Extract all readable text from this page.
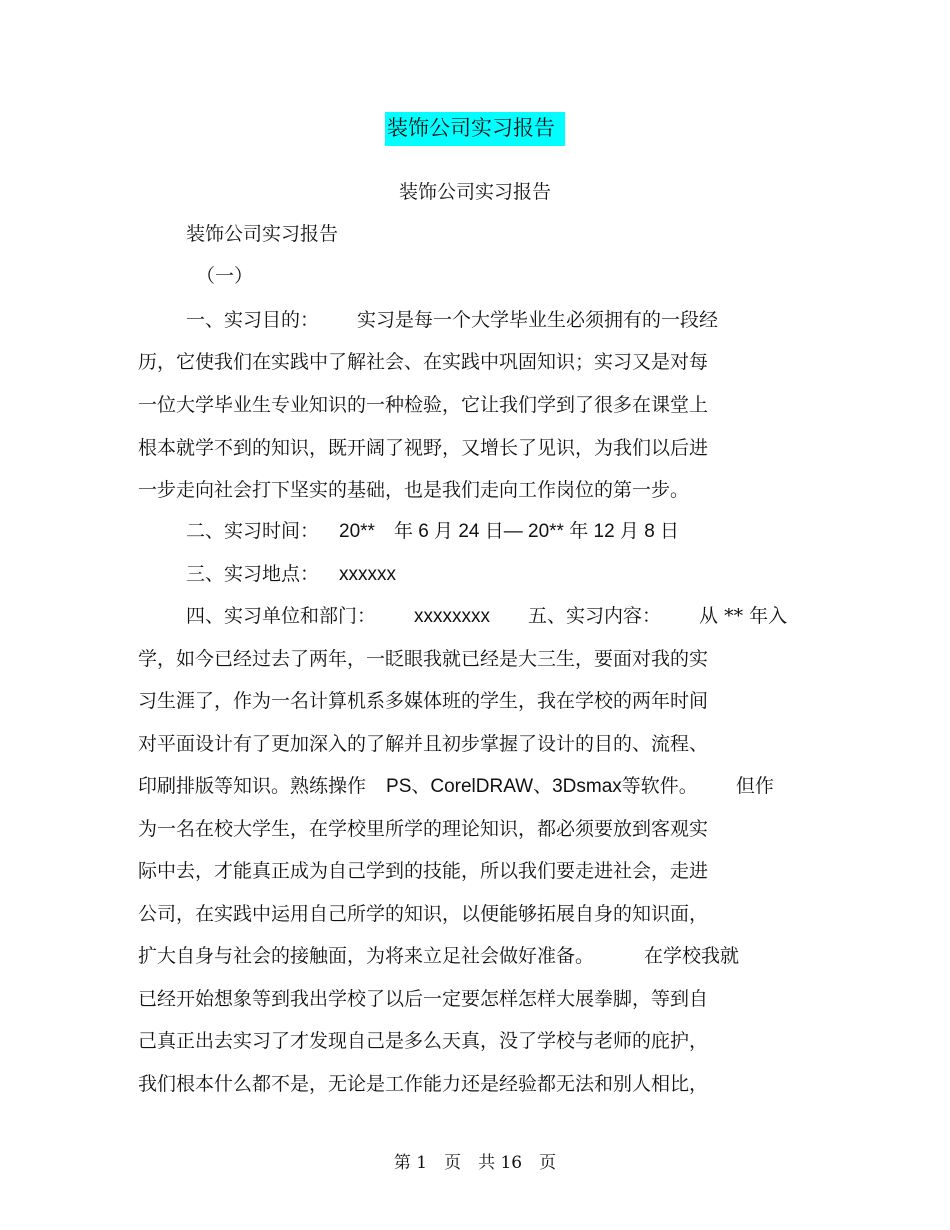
装饰公司实习报告
装饰公司实习报告
装饰公司实习报告
（一）
一、实习目的： 实习是每一个大学毕业生必须拥有的一段经
历，它使我们在实践中了解社会、在实践中巩固知识；实习又是对每
一位大学毕业生专业知识的一种检验，它让我们学到了很多在课堂上
根本就学不到的知识，既开阔了视野，又增长了见识，为我们以后进
一步走向社会打下坚实的基础，也是我们走向工作岗位的第一步。
二、实习时间： 20**　年 6 月 24 日— 20** 年 12 月 8 日
三、实习地点： xxxxxx
四、实习单位和部门： xxxxxxxx 五、实习内容： 从 ** 年入
学，如今已经过去了两年，一眨眼我就已经是大三生，要面对我的实
习生涯了，作为一名计算机系多媒体班的学生，我在学校的两年时间
对平面设计有了更加深入的了解并且初步掌握了设计的目的、流程、
印刷排版等知识。熟练操作 PS、CorelDRAW、3Dsmax等软件。 但作
为一名在校大学生，在学校里所学的理论知识，都必须要放到客观实
际中去，才能真正成为自己学到的技能，所以我们要走进社会，走进
公司，在实践中运用自己所学的知识，以便能够拓展自身的知识面，
扩大自身与社会的接触面，为将来立足社会做好准备。	在学校我就
已经开始想象等到我出学校了以后一定要怎样怎样大展拳脚，等到自
己真正出去实习了才发现自己是多么天真，没了学校与老师的庇护，
我们根本什么都不是，无论是工作能力还是经验都无法和别人相比，
第 1　页　共 16　页
